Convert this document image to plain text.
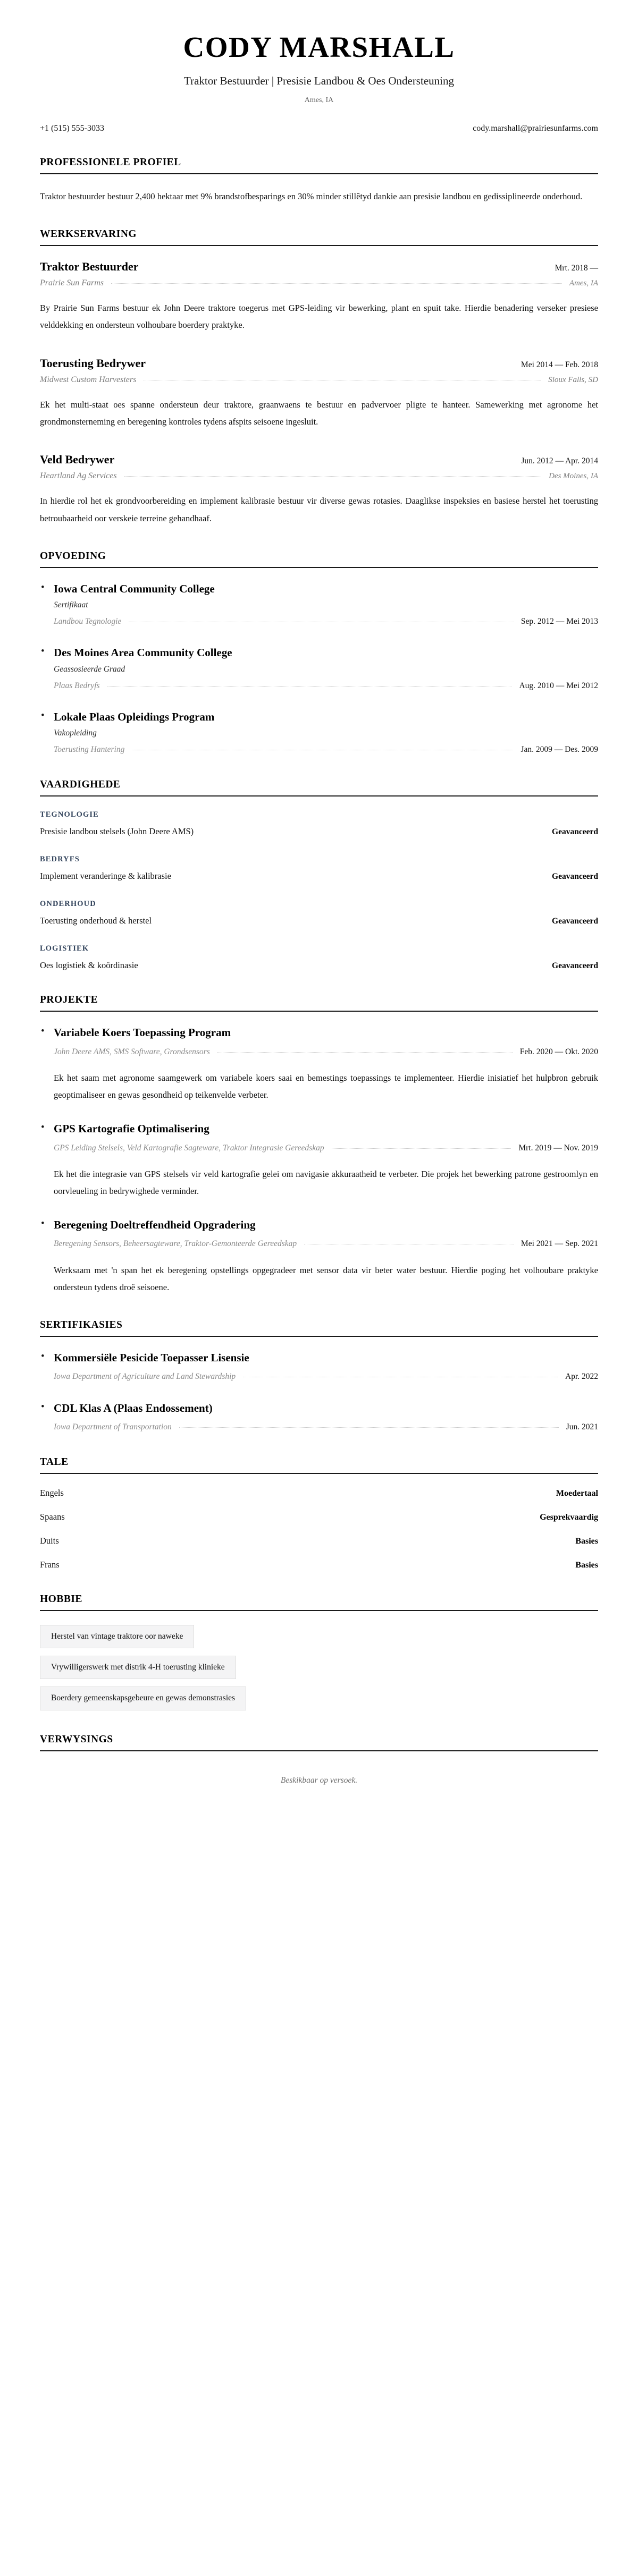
CODY MARSHALL
Traktor Bestuurder | Presisie Landbou & Oes Ondersteuning
Ames, IA
+1 (515) 555-3033	cody.marshall@prairiesunfarms.com
PROFESSIONELE PROFIEL

Traktor bestuurder bestuur 2,400 hektaar met 9% brandstofbesparings en 30% minder stillêtyd dankie aan presisie landbou en gedissiplineerde onderhoud.

WERKSERVARING
Traktor Bestuurder	Mrt. 2018 —
Prairie Sun Farms	Ames, IA

By Prairie Sun Farms bestuur ek John Deere traktore toegerus met GPS-leiding vir bewerking, plant en spuit take. Hierdie benadering verseker presiese velddekking en ondersteun volhoubare boerdery praktyke.

Toerusting Bedrywer	Mei 2014 — Feb. 2018
Midwest Custom Harvesters	Sioux Falls, SD

Ek het multi-staat oes spanne ondersteun deur traktore, graanwaens te bestuur en padvervoer pligte te hanteer. Samewerking met agronome het grondmonsterneming en beregening kontroles tydens afspits seisoene ingesluit.

Veld Bedrywer	Jun. 2012 — Apr. 2014
Heartland Ag Services	Des Moines, IA

In hierdie rol het ek grondvoorbereiding en implement kalibrasie bestuur vir diverse gewas rotasies. Daaglikse inspeksies en basiese herstel het toerusting betroubaarheid oor verskeie terreine gehandhaaf.

OPVOEDING
• Iowa Central Community College
Sertifikaat
Landbou Tegnologie	Sep. 2012 — Mei 2013
• Des Moines Area Community College
Geassosieerde Graad
Plaas Bedryfs	Aug. 2010 — Mei 2012
• Lokale Plaas Opleidings Program
Vakopleiding
Toerusting Hantering	Jan. 2009 — Des. 2009
VAARDIGHEDE
TEGNOLOGIE
Presisie landbou stelsels (John Deere AMS)	Geavanceerd
BEDRYFS
Implement veranderinge & kalibrasie	Geavanceerd
ONDERHOUD
Toerusting onderhoud & herstel	Geavanceerd
LOGISTIEK
Oes logistiek & koördinasie	Geavanceerd
PROJEKTE
• Variabele Koers Toepassing Program
John Deere AMS, SMS Software, Grondsensors	Feb. 2020 — Okt. 2020

Ek het saam met agronome saamgewerk om variabele koers saai en bemestings toepassings te implementeer. Hierdie inisiatief het hulpbron gebruik geoptimaliseer en gewas gesondheid op teikenvelde verbeter.

• GPS Kartografie Optimalisering
GPS Leiding Stelsels, Veld Kartografie Sagteware, Traktor Integrasie Gereedskap	Mrt. 2019 — Nov. 2019

Ek het die integrasie van GPS stelsels vir veld kartografie gelei om navigasie akkuraatheid te verbeter. Die projek het bewerking patrone gestroomlyn en oorvleueling in bedrywighede verminder.

• Beregening Doeltreffendheid Opgradering
Beregening Sensors, Beheersagteware, Traktor-Gemonteerde Gereedskap	Mei 2021 — Sep. 2021

Werksaam met 'n span het ek beregening opstellings opgegradeer met sensor data vir beter water bestuur. Hierdie poging het volhoubare praktyke ondersteun tydens droë seisoene.

SERTIFIKASIES
• Kommersiële Pesicide Toepasser Lisensie
Iowa Department of Agriculture and Land Stewardship	Apr. 2022
• CDL Klas A (Plaas Endossement)
Iowa Department of Transportation	Jun. 2021
TALE
Engels	Moedertaal
Spaans	Gesprekvaardig
Duits	Basies
Frans	Basies
HOBBIE
Herstel van vintage traktore oor naweke
Vrywilligerswerk met distrik 4-H toerusting klinieke
Boerdery gemeenskapsgebeure en gewas demonstrasies
VERWYSINGS
Beskikbaar op versoek.
